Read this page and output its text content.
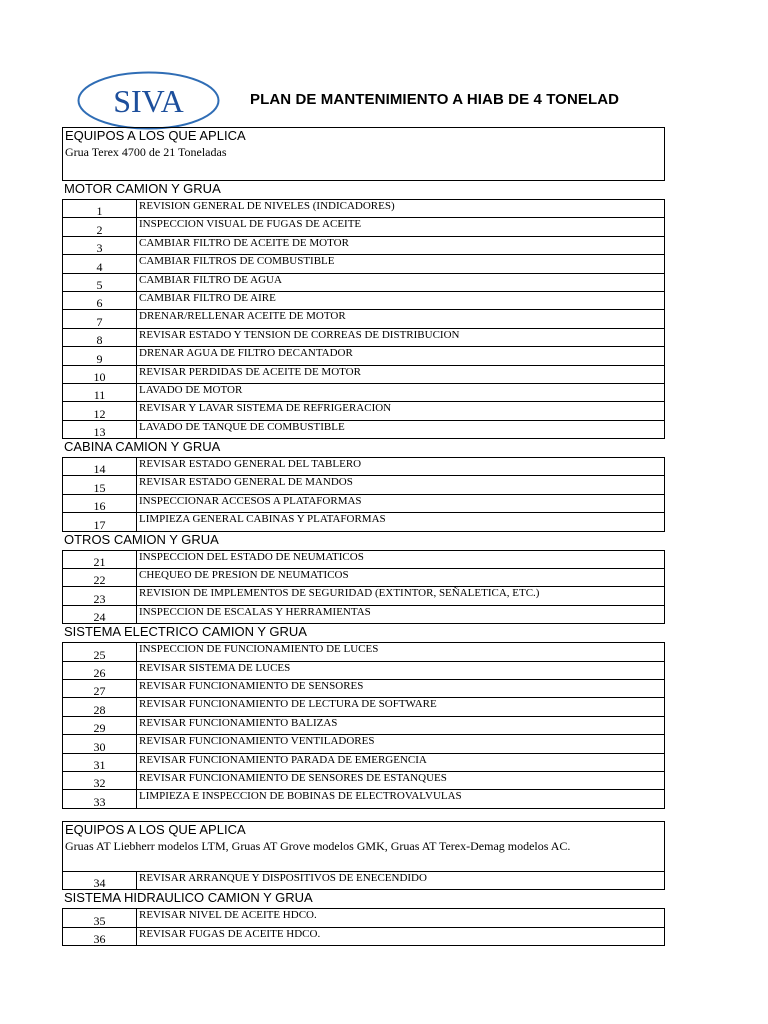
SIVA	PLAN DE MANTENIMIENTO A HIAB DE 4 TONELAD
EQUIPOS A LOS QUE APLICA
Grua Terex 4700 de 21 Toneladas
MOTOR CAMION Y GRUA
1	REVISION GENERAL DE NIVELES (INDICADORES)
2	INSPECCION VISUAL DE FUGAS DE ACEITE
3	CAMBIAR FILTRO DE ACEITE DE MOTOR
4	CAMBIAR FILTROS DE COMBUSTIBLE
5	CAMBIAR FILTRO DE AGUA
6	CAMBIAR FILTRO DE AIRE
7	DRENAR/RELLENAR ACEITE DE MOTOR
8	REVISAR ESTADO Y TENSION DE CORREAS DE DISTRIBUCION
9	DRENAR AGUA DE FILTRO DECANTADOR
10	REVISAR PERDIDAS DE ACEITE DE MOTOR
11	LAVADO DE MOTOR
12	REVISAR Y LAVAR SISTEMA DE REFRIGERACION
13	LAVADO DE TANQUE DE COMBUSTIBLE
CABINA CAMION Y GRUA
14	REVISAR ESTADO GENERAL DEL TABLERO
15	REVISAR ESTADO GENERAL DE MANDOS
16	INSPECCIONAR ACCESOS A PLATAFORMAS
17	LIMPIEZA GENERAL CABINAS Y PLATAFORMAS
OTROS CAMION Y GRUA
21	INSPECCION DEL ESTADO DE NEUMATICOS
22	CHEQUEO DE PRESION DE NEUMATICOS
23	REVISION DE IMPLEMENTOS DE SEGURIDAD (EXTINTOR, SEÑALETICA, ETC.)
24	INSPECCION DE ESCALAS Y HERRAMIENTAS
SISTEMA ELECTRICO CAMION Y GRUA
25	INSPECCION DE FUNCIONAMIENTO DE LUCES
26	REVISAR SISTEMA DE LUCES
27	REVISAR FUNCIONAMIENTO DE SENSORES
28	REVISAR FUNCIONAMIENTO DE LECTURA DE SOFTWARE
29	REVISAR FUNCIONAMIENTO BALIZAS
30	REVISAR FUNCIONAMIENTO VENTILADORES
31	REVISAR FUNCIONAMIENTO PARADA DE EMERGENCIA
32	REVISAR FUNCIONAMIENTO DE SENSORES DE ESTANQUES
33	LIMPIEZA E INSPECCION DE BOBINAS DE ELECTROVALVULAS
EQUIPOS A LOS QUE APLICA
Gruas AT Liebherr modelos LTM, Gruas AT Grove modelos GMK, Gruas AT Terex-Demag modelos AC.
34	REVISAR ARRANQUE Y DISPOSITIVOS DE ENECENDIDO
SISTEMA HIDRAULICO CAMION Y GRUA
35	REVISAR NIVEL DE ACEITE HDCO.
36	REVISAR FUGAS DE ACEITE HDCO.
